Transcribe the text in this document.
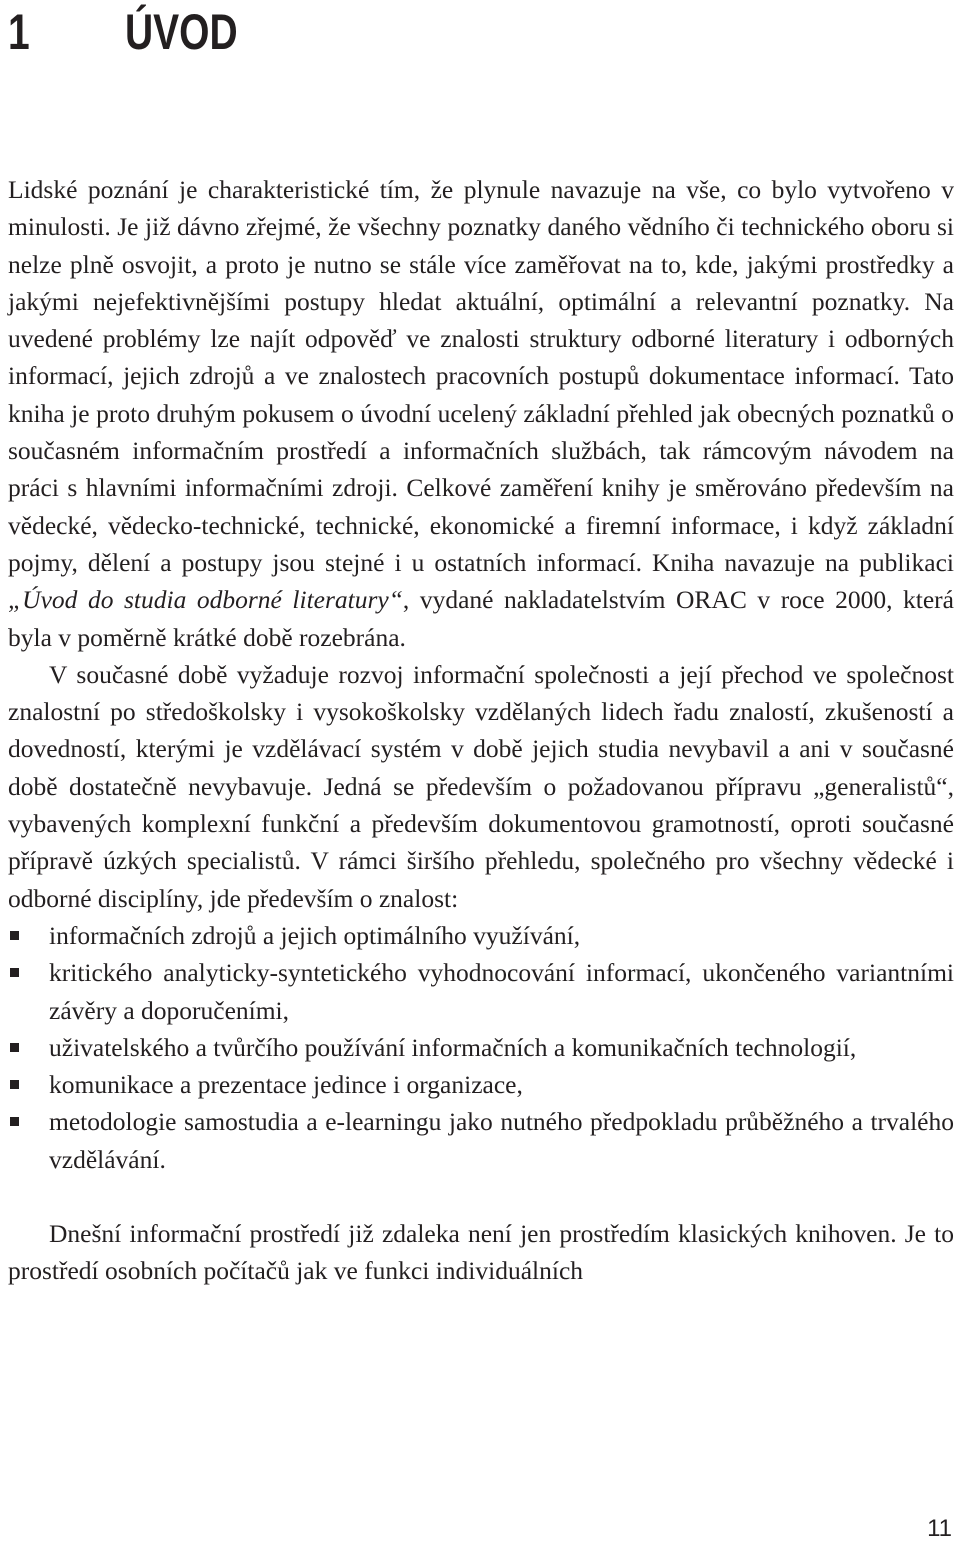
1 ÚVOD

Lidské poznání je charakteristické tím, že plynule navazuje na vše, co bylo vytvořeno v minulosti. Je již dávno zřejmé, že všechny poznatky daného vědního či technického oboru si nelze plně osvojit, a proto je nutno se stále více zaměřovat na to, kde, jakými prostředky a jakými nejefektivnějšími postupy hledat aktuální, optimální a relevantní poznatky. Na uvedené problémy lze najít odpověď ve znalosti struktury odborné literatury i odborných informací, jejich zdrojů a ve znalostech pracovních postupů dokumentace informací. Tato kniha je proto druhým pokusem o úvodní ucelený základní přehled jak obecných poznatků o současném informačním prostředí a informačních službách, tak rámcovým návodem na práci s hlavními informačními zdroji. Celkové zaměření knihy je směrováno především na vědecké, vědecko-technické, technické, ekonomické a firemní informace, i když základní pojmy, dělení a postupy jsou stejné i u ostatních informací. Kniha navazuje na publikaci „Úvod do studia odborné literatury“, vydané nakladatelstvím ORAC v roce 2000, která byla v poměrně krátké době rozebrána.

V současné době vyžaduje rozvoj informační společnosti a její přechod ve společnost znalostní po středoškolsky i vysokoškolsky vzdělaných lidech řadu znalostí, zkušeností a dovedností, kterými je vzdělávací systém v době jejich studia nevybavil a ani v současné době dostatečně nevybavuje. Jedná se především o požadovanou přípravu „generalistů“, vybavených komplexní funkční a především dokumentovou gramotností, oproti současné přípravě úzkých specialistů. V rámci širšího přehledu, společného pro všechny vědecké i odborné disciplíny, jde především o znalost:

informačních zdrojů a jejich optimálního využívání,
kritického analyticky-syntetického vyhodnocování informací, ukončeného variantními závěry a doporučeními,
uživatelského a tvůrčího používání informačních a komunikačních technologií,
komunikace a prezentace jedince i organizace,
metodologie samostudia a e-learningu jako nutného předpokladu průběžného a trvalého vzdělávání.

Dnešní informační prostředí již zdaleka není jen prostředím klasických knihoven. Je to prostředí osobních počítačů jak ve funkci individuálních

11
